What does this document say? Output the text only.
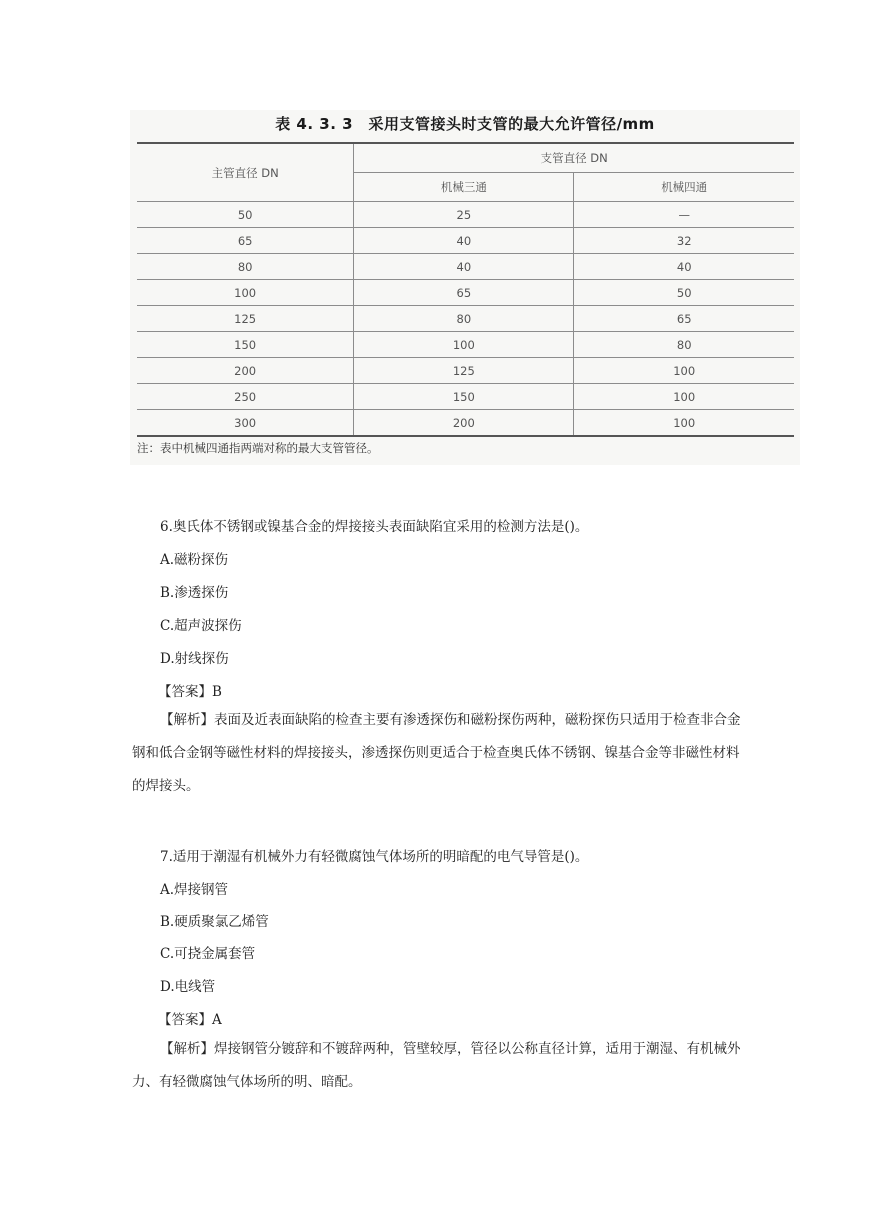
表 4. 3. 3　采用支管接头时支管的最大允许管径/mm
主管直径 DN	支管直径 DN	
	机械三通	机械四通
50	25	—
65	40	32
80	40	40
100	65	50
125	80	65
150	100	80
200	125	100
250	150	100
300	200	100
注：表中机械四通指两端对称的最大支管管径。
6.奥氏体不锈钢或镍基合金的焊接接头表面缺陷宜采用的检测方法是()。
A.磁粉探伤
B.渗透探伤
C.超声波探伤
D.射线探伤
【答案】B
【解析】表面及近表面缺陷的检查主要有渗透探伤和磁粉探伤两种，磁粉探伤只适用于检查非合金钢和低合金钢等磁性材料的焊接接头，渗透探伤则更适合于检查奥氏体不锈钢、镍基合金等非磁性材料的焊接头。
7.适用于潮湿有机械外力有轻微腐蚀气体场所的明暗配的电气导管是()。
A.焊接钢管
B.硬质聚氯乙烯管
C.可挠金属套管
D.电线管
【答案】A
【解析】焊接钢管分镀辞和不镀辞两种，管壁较厚，管径以公称直径计算，适用于潮湿、有机械外力、有轻微腐蚀气体场所的明、暗配。
